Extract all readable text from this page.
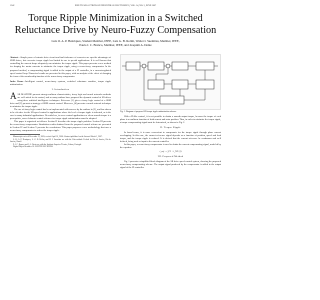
1342	IEEE TRANSACTIONS ON INDUSTRIAL ELECTRONICS, VOL. 54, NO. 3, JUNE 2007
Torque Ripple Minimization in a Switched Reluctance Drive by Neuro-Fuzzy Compensation
Luis O. A. P. Henriques, Student Member, IEEE, Luís G. B. Rolim, Walter I. Suemitsu, Member, IEEE,
Paulo J. C. Branco, Member, IEEE, and Joaquim A. Dente

Abstract—Simple power electronic drive circuit and fault tolerance of converter are specific advantages of SRM drives, but excessive torque ripple has limited its use to special applications. It is well known that controlling the current shape adequately can minimize the torque ripple. This paper presents a new method for shaping the motor currents to minimize the torque ripple, using a neuro-fuzzy compensator. In the proposed method, a compensating signal is added to the output of a PI controller, in a current-regulated speed control loop. Numerical results are presented in this paper, with an analysis of the effect of changing the form of the membership function of the neuro-fuzzy compensator.

Index Terms—Intelligent control, neuro-fuzzy systems, switched reluctance machine, torque ripple minimization.

I. Introduction

ASR MACHINE presents strong nonlinear characteristics, fuzzy logic and neural networks methods are well suited for its control, and so many authors have proposed the dynamic control of SR drives using these artificial intelligence techniques. Reference [1] gives a fuzzy logic control of a SRM drive and [2] presents a strategy of SRM current control. Moreover, [4] presents a neural network technique to minimize the torque ripple.

The use of fuzzy logic control has been implemented with success by the authors in [3], and has shown to be effective for the SR speed control in applications where the level of torque ripple is tolerated, as is the case in many industrial applications. Nevertheless, in servo control applications or when smooth torque is a prerequisite, more elaborate control schemes for torque ripple minimization must be adopted.

This paper is organized as follows: Section II describes the torque ripple problem. Section III presents the neuro-fuzzy compensator. Simulation results obtained from the proposed control scheme are presented in Section IV and Section V presents the conclusions. This paper proposes a new methodology that uses a neuro-fuzzy compensator to reduce the torque ripple.

Manuscript received December 13, 2005; revised April 10, 2006. Abstract published on the Internet March 1, 2007.

L. O. A. P. Henriques, L. G. B. Rolim, and W. I. Suemitsu are with the Universidade Federal do Rio de Janeiro, Rio de Janeiro, Brazil.

P. J. C. Branco and J. A. Dente are with the Instituto Superior Técnico, Lisbon, Portugal.

Digital Object Identifier 10.1109/TIE.2007.892994

Fig. 1. Diagram of proposed SR torque ripple minimization scheme.

With a PI-like control, it is not possible to obtain a smooth output torque, because the torque of each phase is a nonlinear function of both current and rotor position. Thus, in order to minimize the torque ripple, a torque compensating signal must be determined, as shown in Fig. 2.

II. Torque Ripple

In broad terms, it is more convenient to compensate for the torque ripple through phase current overlapping. In this case, the current reference signal depends on a function of position, speed and load torque, and the torque ripple is reduced. It is desired that the current reference be continuous and well defined, being used as input to the current controller.

In this paper, a neuro-fuzzy compensator is used to obtain the current compensating signal, modeled by the equation

i_ref = i_PI + i_NF (1)
III. Proposed Method

Fig. 1 presents a simplified block diagram of the SR drive speed control system, showing the proposed neuro-fuzzy compensating scheme. The output signal produced by the compensator is added to the output signal of the PI controller.
